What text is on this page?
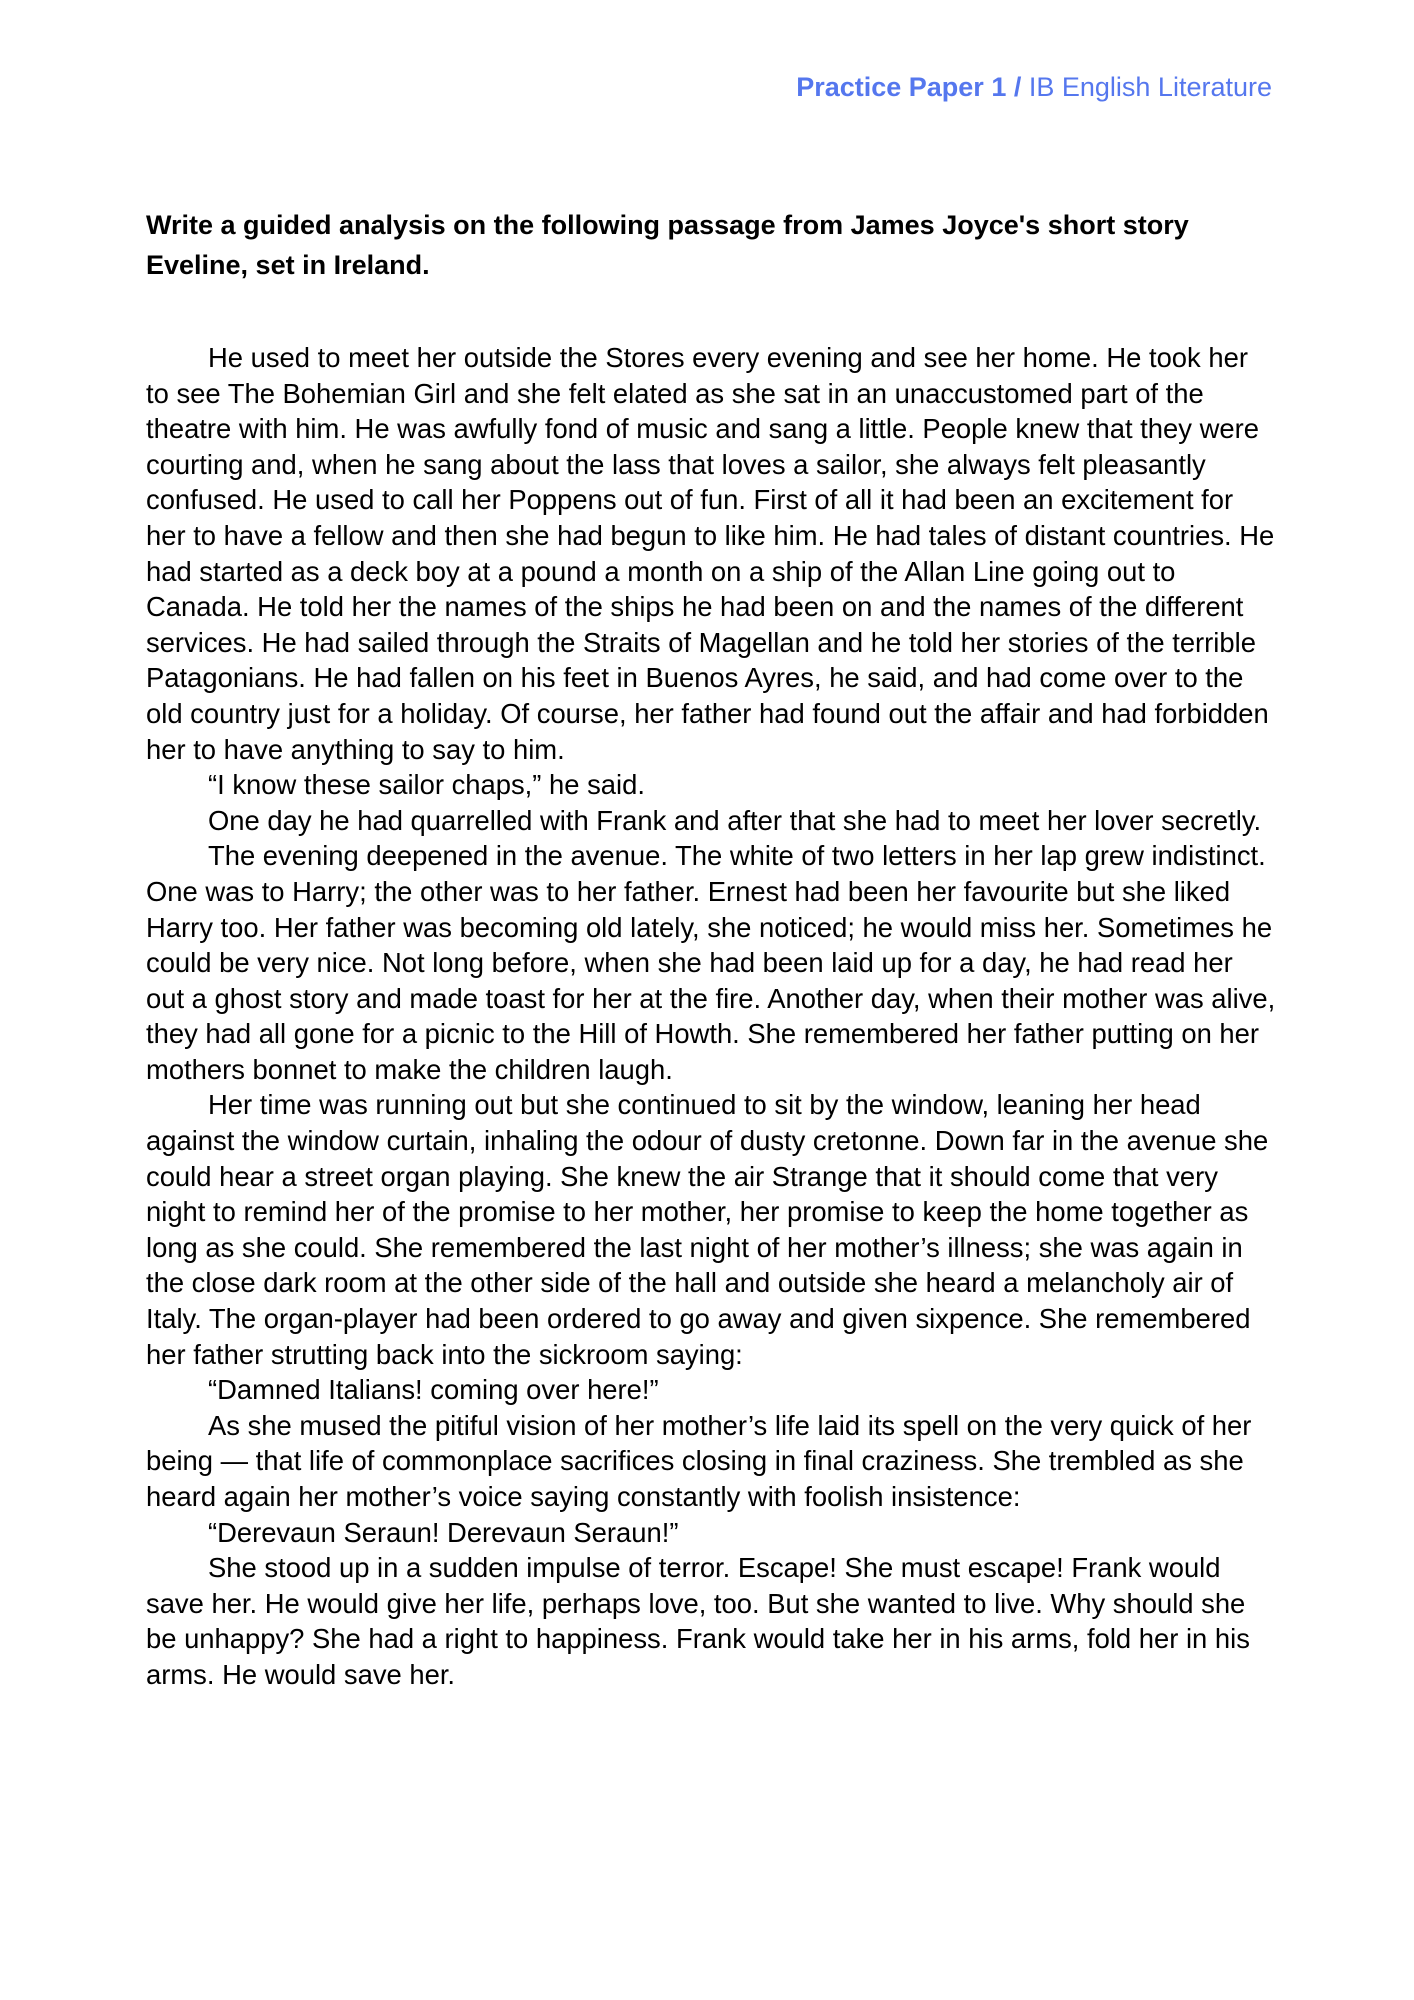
Practice Paper 1 / IB English Literature
Write a guided analysis on the following passage from James Joyce's short story Eveline, set in Ireland.

He used to meet her outside the Stores every evening and see her home. He took her to see The Bohemian Girl and she felt elated as she sat in an unaccustomed part of the theatre with him. He was awfully fond of music and sang a little. People knew that they were courting and, when he sang about the lass that loves a sailor, she always felt pleasantly confused. He used to call her Poppens out of fun. First of all it had been an excitement for her to have a fellow and then she had begun to like him. He had tales of distant countries. He had started as a deck boy at a pound a month on a ship of the Allan Line going out to Canada. He told her the names of the ships he had been on and the names of the different services. He had sailed through the Straits of Magellan and he told her stories of the terrible Patagonians. He had fallen on his feet in Buenos Ayres, he said, and had come over to the old country just for a holiday. Of course, her father had found out the affair and had forbidden her to have anything to say to him.

“I know these sailor chaps,” he said.

One day he had quarrelled with Frank and after that she had to meet her lover secretly.

The evening deepened in the avenue. The white of two letters in her lap grew indistinct. One was to Harry; the other was to her father. Ernest had been her favourite but she liked Harry too. Her father was becoming old lately, she noticed; he would miss her. Sometimes he could be very nice. Not long before, when she had been laid up for a day, he had read her out a ghost story and made toast for her at the fire. Another day, when their mother was alive, they had all gone for a picnic to the Hill of Howth. She remembered her father putting on her mothers bonnet to make the children laugh.

Her time was running out but she continued to sit by the window, leaning her head against the window curtain, inhaling the odour of dusty cretonne. Down far in the avenue she could hear a street organ playing. She knew the air Strange that it should come that very night to remind her of the promise to her mother, her promise to keep the home together as long as she could. She remembered the last night of her mother’s illness; she was again in the close dark room at the other side of the hall and outside she heard a melancholy air of Italy. The organ-player had been ordered to go away and given sixpence. She remembered her father strutting back into the sickroom saying:

“Damned Italians! coming over here!”

As she mused the pitiful vision of her mother’s life laid its spell on the very quick of her being — that life of commonplace sacrifices closing in final craziness. She trembled as she heard again her mother’s voice saying constantly with foolish insistence:

“Derevaun Seraun! Derevaun Seraun!”

She stood up in a sudden impulse of terror. Escape! She must escape! Frank would save her. He would give her life, perhaps love, too. But she wanted to live. Why should she be unhappy? She had a right to happiness. Frank would take her in his arms, fold her in his arms. He would save her.
